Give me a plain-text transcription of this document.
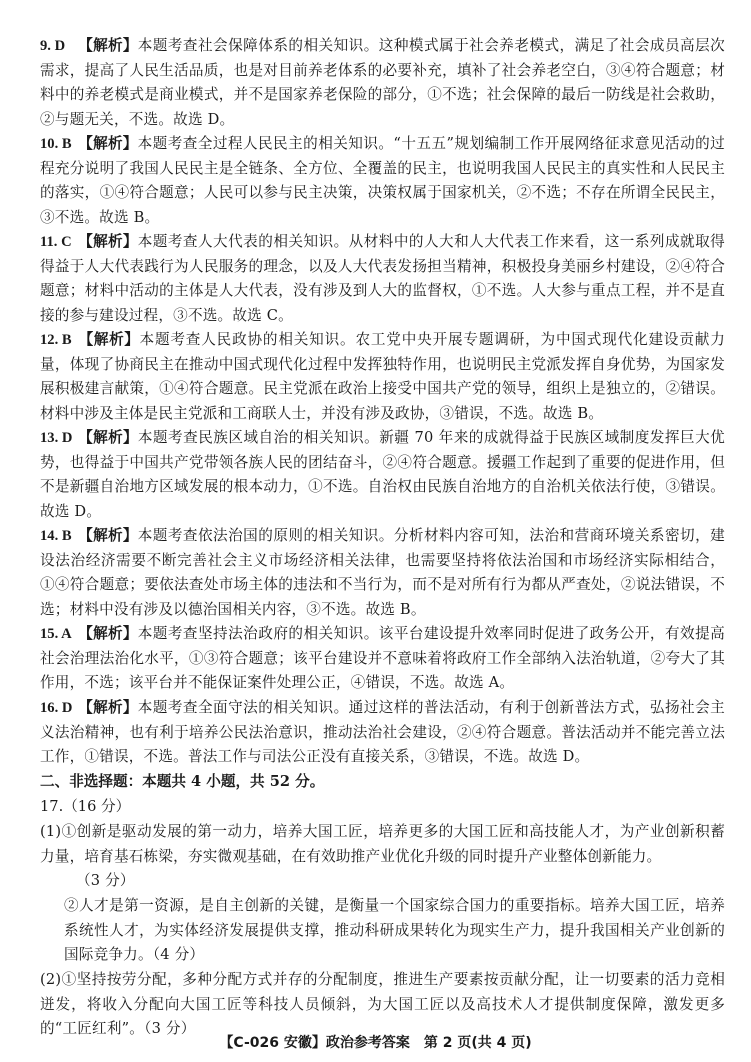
9. D 【解析】本题考查社会保障体系的相关知识。这种模式属于社会养老模式，满足了社会成员高层次需求，提高了人民生活品质，也是对目前养老体系的必要补充，填补了社会养老空白，③④符合题意；材料中的养老模式是商业模式，并不是国家养老保险的部分，①不选；社会保障的最后一防线是社会救助，②与题无关，不选。故选 D。
10. B 【解析】本题考查全过程人民民主的相关知识。“十五五”规划编制工作开展网络征求意见活动的过程充分说明了我国人民民主是全链条、全方位、全覆盖的民主，也说明我国人民民主的真实性和人民民主的落实，①④符合题意；人民可以参与民主决策，决策权属于国家机关，②不选；不存在所谓全民民主，③不选。故选 B。
11. C 【解析】本题考查人大代表的相关知识。从材料中的人大和人大代表工作来看，这一系列成就取得得益于人大代表践行为人民服务的理念，以及人大代表发扬担当精神，积极投身美丽乡村建设，②④符合题意；材料中活动的主体是人大代表，没有涉及到人大的监督权，①不选。人大参与重点工程，并不是直接的参与建设过程，③不选。故选 C。
12. B 【解析】本题考查人民政协的相关知识。农工党中央开展专题调研，为中国式现代化建设贡献力量，体现了协商民主在推动中国式现代化过程中发挥独特作用，也说明民主党派发挥自身优势，为国家发展积极建言献策，①④符合题意。民主党派在政治上接受中国共产党的领导，组织上是独立的，②错误。材料中涉及主体是民主党派和工商联人士，并没有涉及政协，③错误，不选。故选 B。
13. D 【解析】本题考查民族区域自治的相关知识。新疆 70 年来的成就得益于民族区域制度发挥巨大优势，也得益于中国共产党带领各族人民的团结奋斗，②④符合题意。援疆工作起到了重要的促进作用，但不是新疆自治地方区域发展的根本动力，①不选。自治权由民族自治地方的自治机关依法行使，③错误。故选 D。
14. B 【解析】本题考查依法治国的原则的相关知识。分析材料内容可知，法治和营商环境关系密切，建设法治经济需要不断完善社会主义市场经济相关法律，也需要坚持将依法治国和市场经济实际相结合，①④符合题意；要依法查处市场主体的违法和不当行为，而不是对所有行为都从严查处，②说法错误，不选；材料中没有涉及以德治国相关内容，③不选。故选 B。
15. A 【解析】本题考查坚持法治政府的相关知识。该平台建设提升效率同时促进了政务公开，有效提高社会治理法治化水平，①③符合题意；该平台建设并不意味着将政府工作全部纳入法治轨道，②夸大了其作用，不选；该平台并不能保证案件处理公正，④错误，不选。故选 A。
16. D 【解析】本题考查全面守法的相关知识。通过这样的普法活动，有利于创新普法方式，弘扬社会主义法治精神，也有利于培养公民法治意识，推动法治社会建设，②④符合题意。普法活动并不能完善立法工作，①错误，不选。普法工作与司法公正没有直接关系，③错误，不选。故选 D。
二、非选择题：本题共 4 小题，共 52 分。
17.（16 分）
(1)①创新是驱动发展的第一动力，培养大国工匠，培养更多的大国工匠和高技能人才，为产业创新积蓄力量，培育基石栋梁，夯实微观基础，在有效助推产业优化升级的同时提升产业整体创新能力。
（3 分）
②人才是第一资源，是自主创新的关键，是衡量一个国家综合国力的重要指标。培养大国工匠，培养系统性人才，为实体经济发展提供支撑，推动科研成果转化为现实生产力，提升我国相关产业创新的国际竞争力。（4 分）
(2)①坚持按劳分配，多种分配方式并存的分配制度，推进生产要素按贡献分配，让一切要素的活力竞相迸发，将收入分配向大国工匠等科技人员倾斜，为大国工匠以及高技术人才提供制度保障，激发更多的“工匠红利”。（3 分）
【C-026 安徽】政治参考答案　第 2 页(共 4 页)
